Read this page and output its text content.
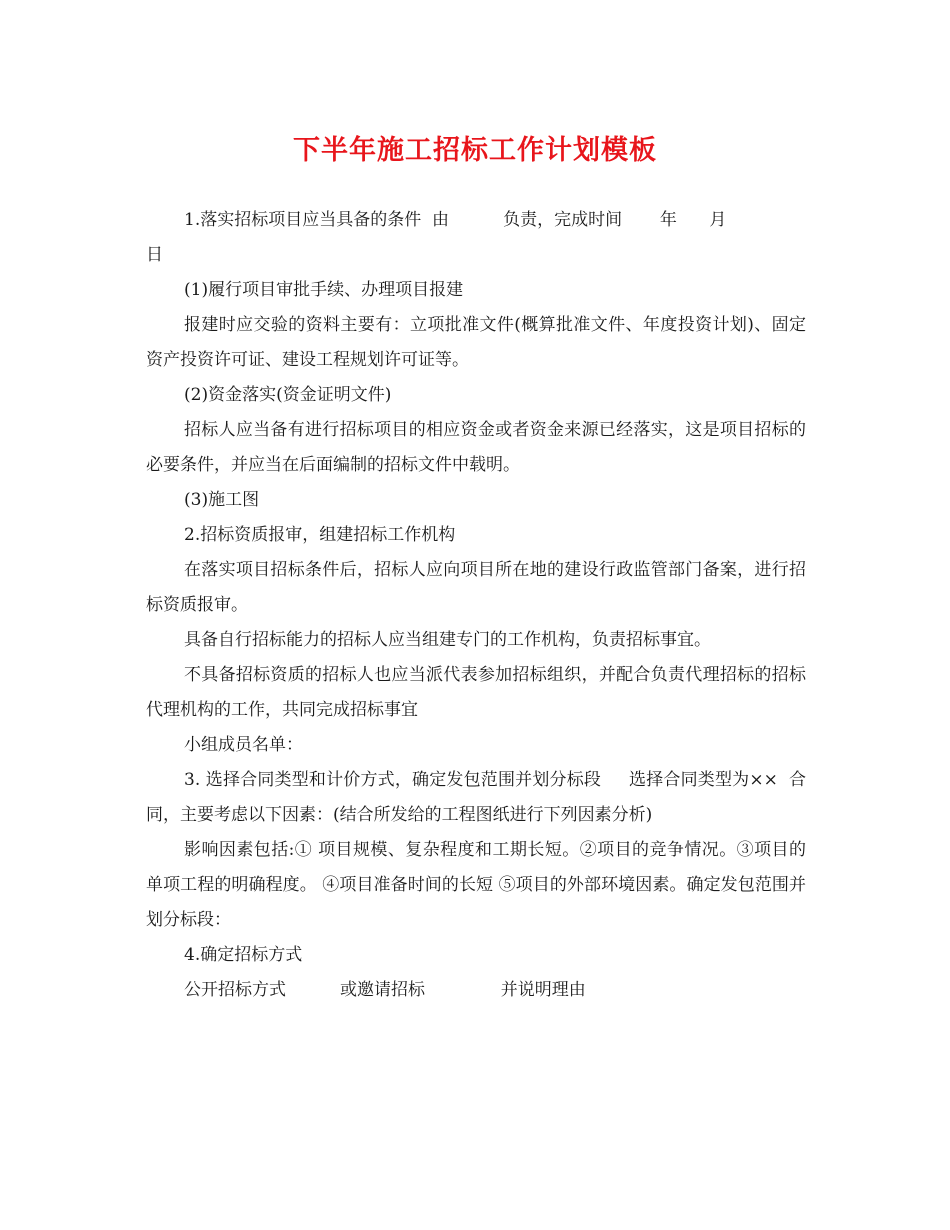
下半年施工招标工作计划模板

1.落实招标项目应当具备的条件  由          负责，完成时间       年      月

日

(1)履行项目审批手续、办理项目报建

报建时应交验的资料主要有：立项批准文件(概算批准文件、年度投资计划)、固定资产投资许可证、建设工程规划许可证等。

(2)资金落实(资金证明文件)

招标人应当备有进行招标项目的相应资金或者资金来源已经落实，这是项目招标的必要条件，并应当在后面编制的招标文件中载明。

(3)施工图

2.招标资质报审，组建招标工作机构

在落实项目招标条件后，招标人应向项目所在地的建设行政监管部门备案，进行招标资质报审。

具备自行招标能力的招标人应当组建专门的工作机构，负责招标事宜。

不具备招标资质的招标人也应当派代表参加招标组织，并配合负责代理招标的招标代理机构的工作，共同完成招标事宜

小组成员名单：

3. 选择合同类型和计价方式，确定发包范围并划分标段     选择合同类型为××  合同，主要考虑以下因素：(结合所发给的工程图纸进行下列因素分析)

影响因素包括:① 项目规模、复杂程度和工期长短。②项目的竞争情况。③项目的单项工程的明确程度。 ④项目准备时间的长短 ⑤项目的外部环境因素。确定发包范围并划分标段：

4.确定招标方式

公开招标方式          或邀请招标              并说明理由
